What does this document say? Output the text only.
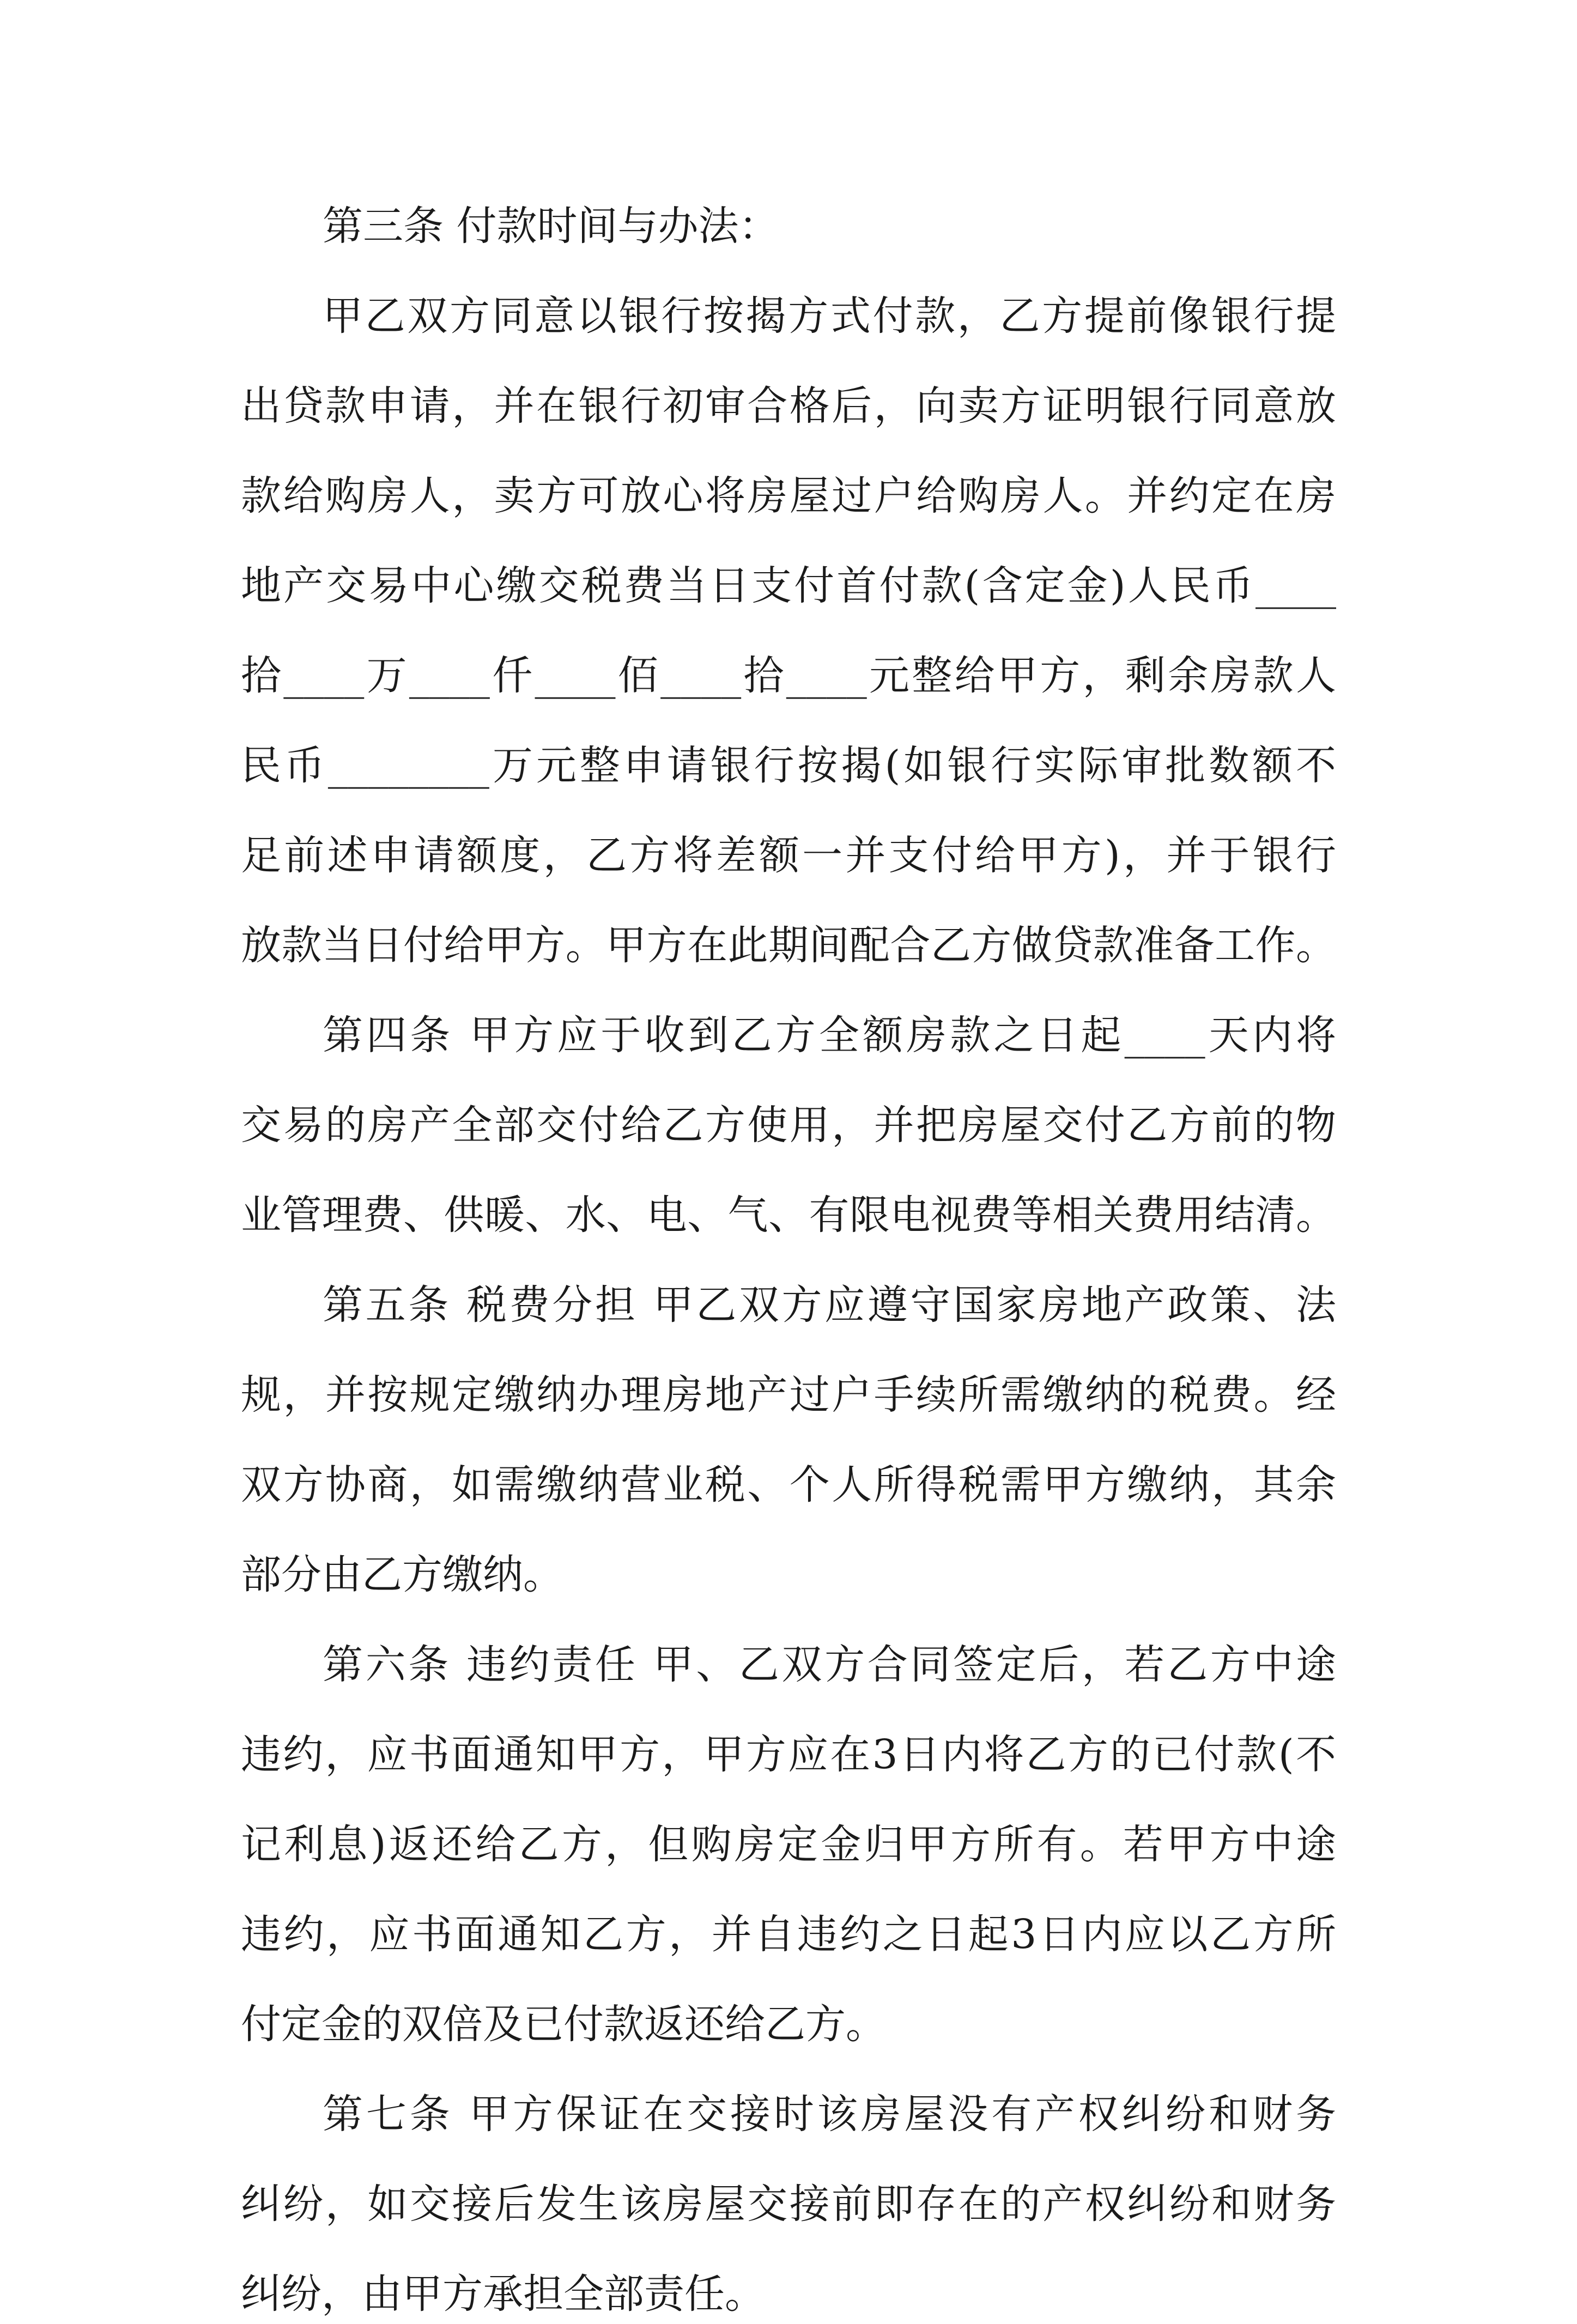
第三条 付款时间与办法：
甲乙双方同意以银行按揭方式付款，乙方提前像银行提
出贷款申请，并在银行初审合格后，向卖方证明银行同意放
款给购房人，卖方可放心将房屋过户给购房人。并约定在房
地产交易中心缴交税费当日支付首付款(含定金)人民币____
拾____万____仟____佰____拾____元整给甲方，剩余房款人
民币________万元整申请银行按揭(如银行实际审批数额不
足前述申请额度，乙方将差额一并支付给甲方)，并于银行
放款当日付给甲方。甲方在此期间配合乙方做贷款准备工作。
第四条 甲方应于收到乙方全额房款之日起____天内将
交易的房产全部交付给乙方使用，并把房屋交付乙方前的物
业管理费、供暖、水、电、气、有限电视费等相关费用结清。
第五条 税费分担 甲乙双方应遵守国家房地产政策、法
规，并按规定缴纳办理房地产过户手续所需缴纳的税费。经
双方协商，如需缴纳营业税、个人所得税需甲方缴纳，其余
部分由乙方缴纳。
第六条 违约责任 甲、乙双方合同签定后，若乙方中途
违约，应书面通知甲方，甲方应在3日内将乙方的已付款(不
记利息)返还给乙方，但购房定金归甲方所有。若甲方中途
违约，应书面通知乙方，并自违约之日起3日内应以乙方所
付定金的双倍及已付款返还给乙方。
第七条 甲方保证在交接时该房屋没有产权纠纷和财务
纠纷，如交接后发生该房屋交接前即存在的产权纠纷和财务
纠纷，由甲方承担全部责任。
